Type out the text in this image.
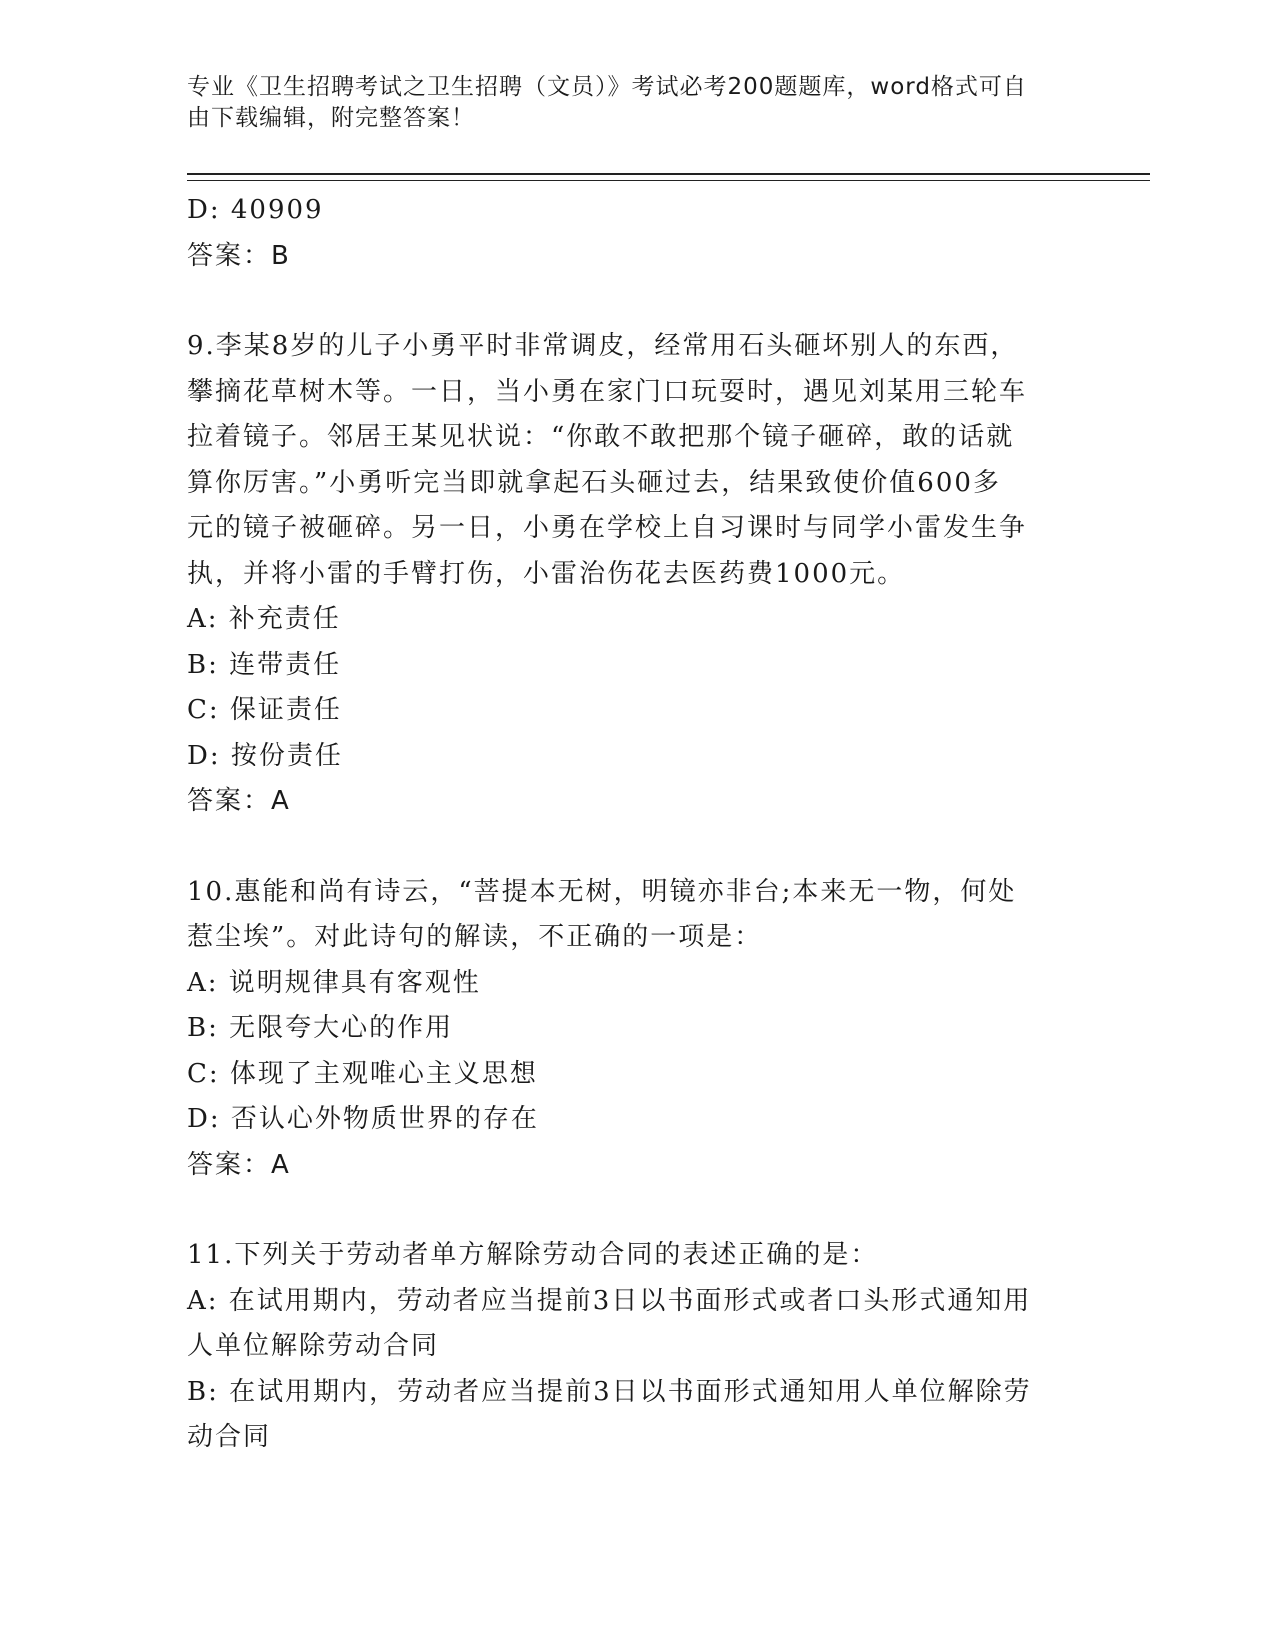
专业《卫生招聘考试之卫生招聘（文员）》考试必考200题题库，word格式可自
由下载编辑，附完整答案！
D: 40909
答案：B
9.李某8岁的儿子小勇平时非常调皮，经常用石头砸坏别人的东西，
攀摘花草树木等。一日，当小勇在家门口玩耍时，遇见刘某用三轮车
拉着镜子。邻居王某见状说：“你敢不敢把那个镜子砸碎，敢的话就
算你厉害。”小勇听完当即就拿起石头砸过去，结果致使价值600多
元的镜子被砸碎。另一日，小勇在学校上自习课时与同学小雷发生争
执，并将小雷的手臂打伤，小雷治伤花去医药费1000元。
A: 补充责任
B: 连带责任
C: 保证责任
D: 按份责任
答案：A
10.惠能和尚有诗云，“菩提本无树，明镜亦非台;本来无一物，何处
惹尘埃”。对此诗句的解读，不正确的一项是：
A: 说明规律具有客观性
B: 无限夸大心的作用
C: 体现了主观唯心主义思想
D: 否认心外物质世界的存在
答案：A
11.下列关于劳动者单方解除劳动合同的表述正确的是：
A: 在试用期内，劳动者应当提前3日以书面形式或者口头形式通知用
人单位解除劳动合同
B: 在试用期内，劳动者应当提前3日以书面形式通知用人单位解除劳
动合同
